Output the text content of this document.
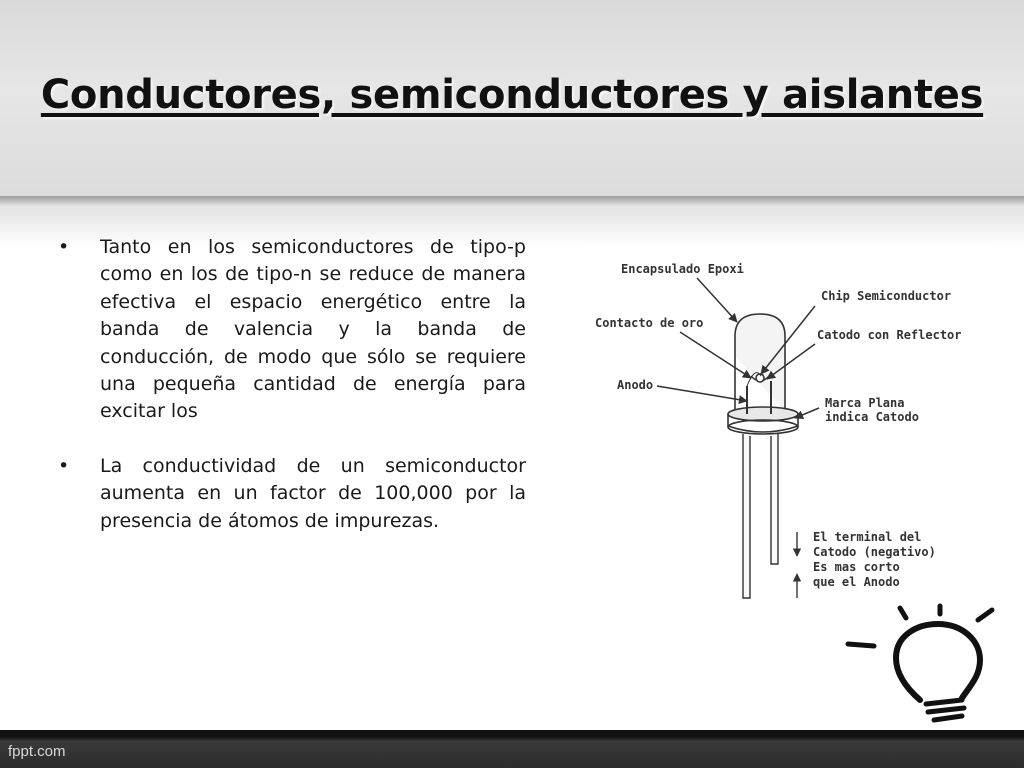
Conductores, semiconductores y aislantes
• Tanto en los semiconductores de tipo-p como en los de tipo-n se reduce de manera efectiva el espacio energético entre la banda de valencia y la banda de conducción, de modo que sólo se requiere una pequeña cantidad de energía para excitar los
• La conductividad de un semiconductor aumenta en un factor de 100,000 por la presencia de átomos de impurezas.
Encapsulado Epoxi
Chip Semiconductor
Contacto de oro
Catodo con Reflector
Anodo
Marca Plana
indica Catodo
El terminal del
Catodo (negativo)
Es mas corto
que el Anodo
fppt.com
